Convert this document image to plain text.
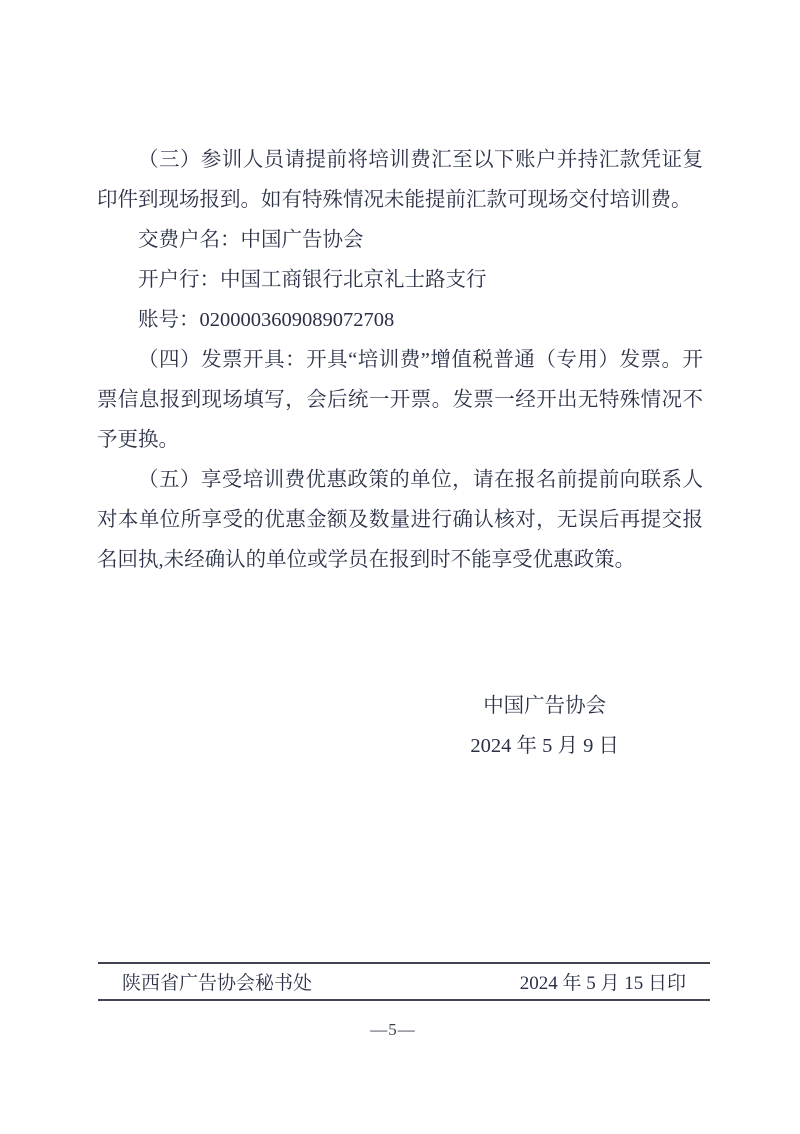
（三）参训人员请提前将培训费汇至以下账户并持汇款凭证复印件到现场报到。如有特殊情况未能提前汇款可现场交付培训费。

交费户名：中国广告协会

开户行：中国工商银行北京礼士路支行

账号：0200003609089072708

（四）发票开具：开具“培训费”增值税普通（专用）发票。开票信息报到现场填写，会后统一开票。发票一经开出无特殊情况不予更换。

（五）享受培训费优惠政策的单位，请在报名前提前向联系人对本单位所享受的优惠金额及数量进行确认核对，无误后再提交报名回执,未经确认的单位或学员在报到时不能享受优惠政策。

中国广告协会
2024 年 5 月 9 日
陕西省广告协会秘书处	2024 年 5 月 15 日印
—5—
